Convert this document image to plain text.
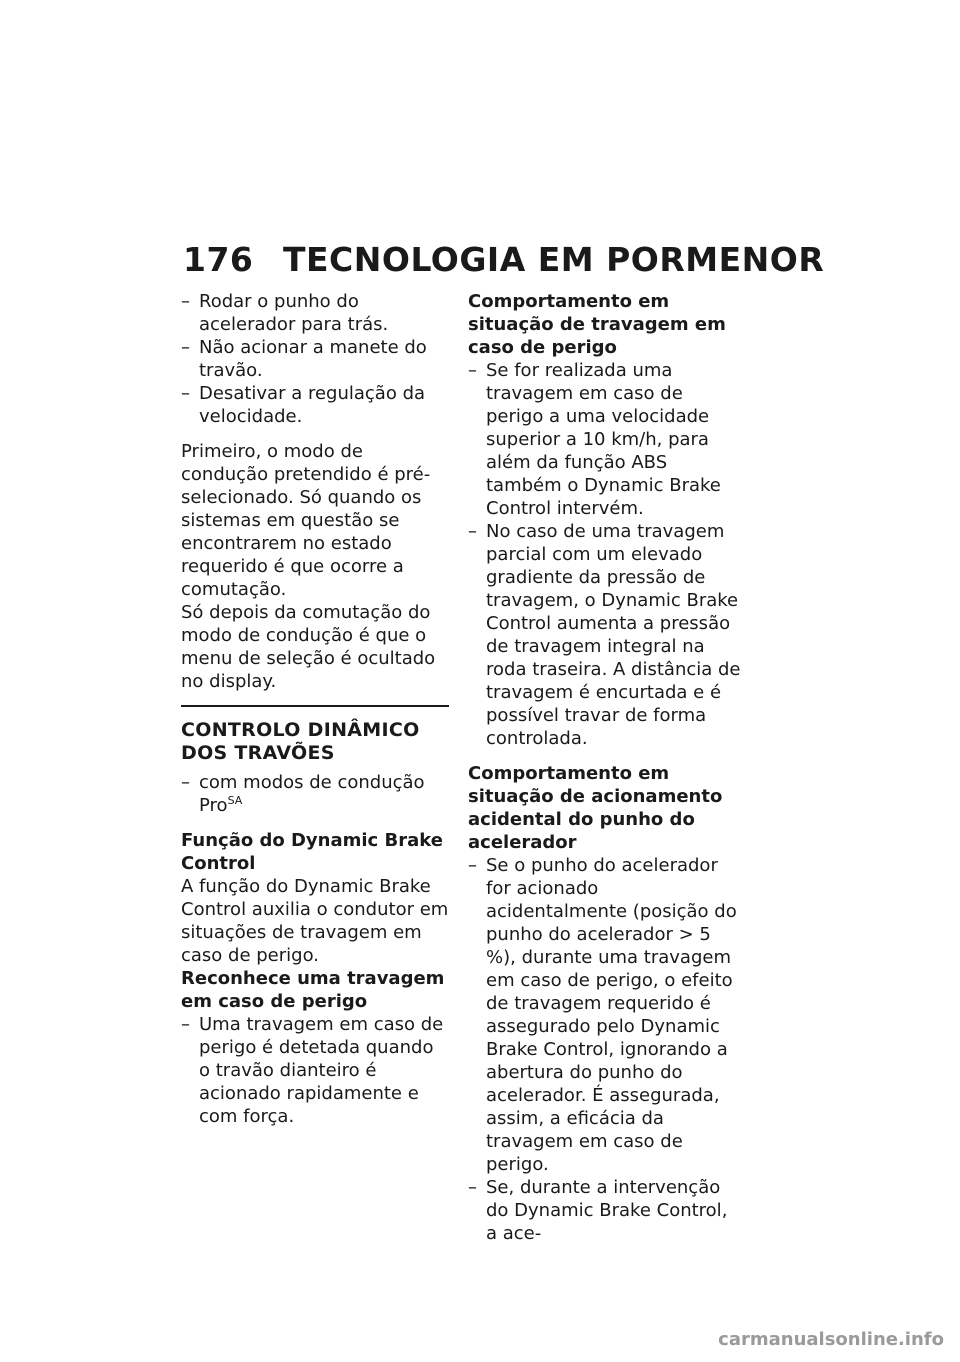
176 TECNOLOGIA EM PORMENOR
– Rodar o punho do acelerador para trás.
– Não acionar a manete do travão.
– Desativar a regulação da velocidade.

Primeiro, o modo de condução pretendido é pré-selecionado. Só quando os sistemas em questão se encontrarem no estado requerido é que ocorre a comutação.

Só depois da comutação do modo de condução é que o menu de seleção é ocultado no display.

CONTROLO DINÂMICO DOS TRAVÕES
– com modos de condução Pro$^{SA}$

Função do Dynamic Brake Control

A função do Dynamic Brake Control auxilia o condutor em situações de travagem em caso de perigo.

Reconhece uma travagem em caso de perigo

– Uma travagem em caso de perigo é detetada quando o travão dianteiro é acionado rapidamente e com força.

Comportamento em situação de travagem em caso de perigo

– Se for realizada uma travagem em caso de perigo a uma velocidade superior a 10 km/h, para além da função ABS também o Dynamic Brake Control intervém.
– No caso de uma travagem parcial com um elevado gradiente da pressão de travagem, o Dynamic Brake Control aumenta a pressão de travagem integral na roda traseira. A distância de travagem é encurtada e é possível travar de forma controlada.

Comportamento em situação de acionamento acidental do punho do acelerador

– Se o punho do acelerador for acionado acidentalmente (posição do punho do acelerador > 5 %), durante uma travagem em caso de perigo, o efeito de travagem requerido é assegurado pelo Dynamic Brake Control, ignorando a abertura do punho do acelerador. É assegurada, assim, a eficácia da travagem em caso de perigo.
– Se, durante a intervenção do Dynamic Brake Control, a ace-
carmanualsonline.info
